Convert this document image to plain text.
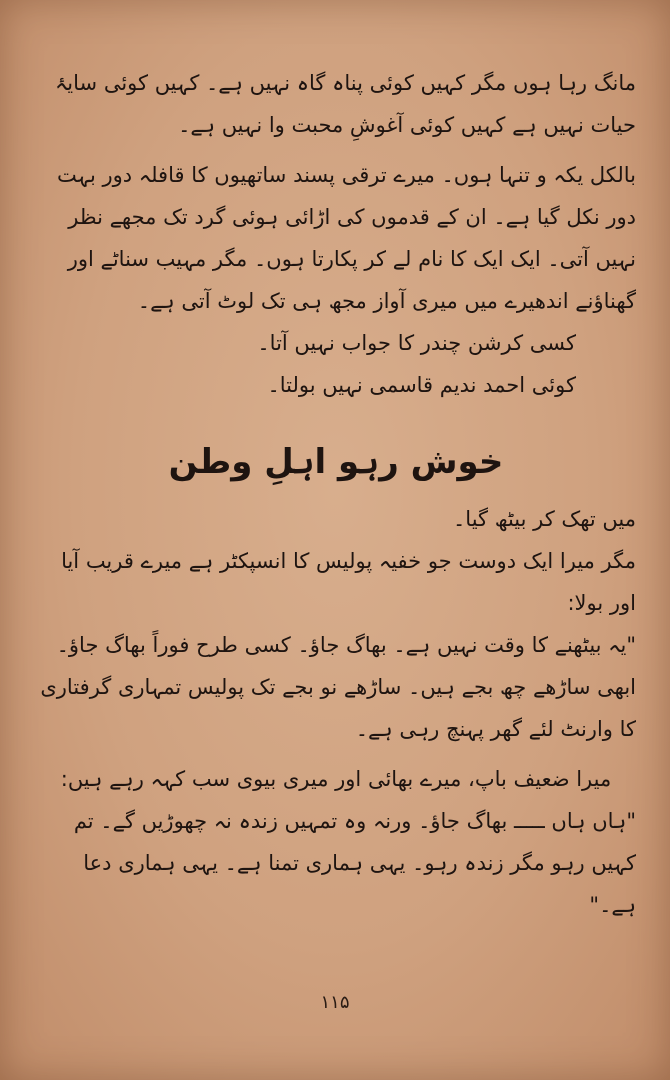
مانگ رہا ہوں مگر کہیں کوئی پناہ گاہ نہیں ہے۔ کہیں کوئی سایۂ حیات نہیں ہے کہیں کوئی آغوشِ محبت وا نہیں ہے۔

بالکل یکہ و تنہا ہوں۔ میرے ترقی پسند ساتھیوں کا قافلہ دور بہت دور نکل گیا ہے۔ ان کے قدموں کی اڑائی ہوئی گرد تک مجھے نظر نہیں آتی۔ ایک ایک کا نام لے کر پکارتا ہوں۔ مگر مہیب سناٹے اور گھناؤنے اندھیرے میں میری آواز مجھ ہی تک لوٹ آتی ہے۔

کسی کرشن چندر کا جواب نہیں آتا۔

کوئی احمد ندیم قاسمی نہیں بولتا۔

خوش رہو اہلِ وطن

میں تھک کر بیٹھ گیا۔

مگر میرا ایک دوست جو خفیہ پولیس کا انسپکٹر ہے میرے قریب آیا اور بولا:

"یہ بیٹھنے کا وقت نہیں ہے۔ بھاگ جاؤ۔ کسی طرح فوراً بھاگ جاؤ۔ ابھی ساڑھے چھ بجے ہیں۔ ساڑھے نو بجے تک پولیس تمہاری گرفتاری کا وارنٹ لئے گھر پہنچ رہی ہے۔

میرا ضعیف باپ، میرے بھائی اور میری بیوی سب کہہ رہے ہیں:

"ہاں ہاں ـــــ بھاگ جاؤ۔ ورنہ وہ تمہیں زندہ نہ چھوڑیں گے۔ تم کہیں رہو مگر زندہ رہو۔ یہی ہماری تمنا ہے۔ یہی ہماری دعا ہے۔"

۱۱۵
